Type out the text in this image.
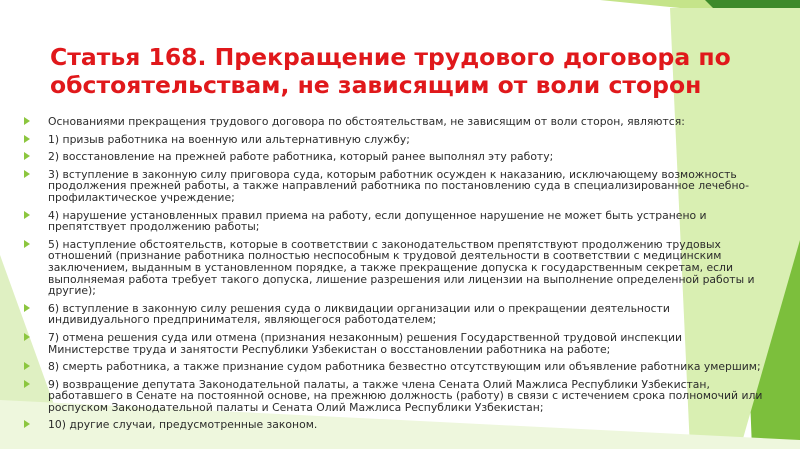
Статья 168. Прекращение трудового договора по обстоятельствам, не зависящим от воли сторон
Основаниями прекращения трудового договора по обстоятельствам, не зависящим от воли сторон, являются:
1) призыв работника на военную или альтернативную службу;
2) восстановление на прежней работе работника, который ранее выполнял эту работу;
3) вступление в законную силу приговора суда, которым работник осужден к наказанию, исключающему возможность продолжения прежней работы, а также направлений работника по постановлению суда в специализированное лечебно-профилактическое учреждение;
4) нарушение установленных правил приема на работу, если допущенное нарушение не может быть устранено и препятствует продолжению работы;
5) наступление обстоятельств, которые в соответствии с законодательством препятствуют продолжению трудовых отношений (признание работника полностью неспособным к трудовой деятельности в соответствии с медицинским заключением, выданным в установленном порядке, а также прекращение допуска к государственным секретам, если выполняемая работа требует такого допуска, лишение разрешения или лицензии на выполнение определенной работы и другие);
6) вступление в законную силу решения суда о ликвидации организации или о прекращении деятельности индивидуального предпринимателя, являющегося работодателем;
7) отмена решения суда или отмена (признания незаконным) решения Государственной трудовой инспекции Министерстве труда и занятости Республики Узбекистан о восстановлении работника на работе;
8) смерть работника, а также признание судом работника безвестно отсутствующим или объявление работника умершим;
9) возвращение депутата Законодательной палаты, а также члена Сената Олий Мажлиса Республики Узбекистан, работавшего в Сенате на постоянной основе, на прежнюю должность (работу) в связи с истечением срока полномочий или роспуском Законодательной палаты и Сената Олий Мажлиса Республики Узбекистан;
10) другие случаи, предусмотренные законом.
